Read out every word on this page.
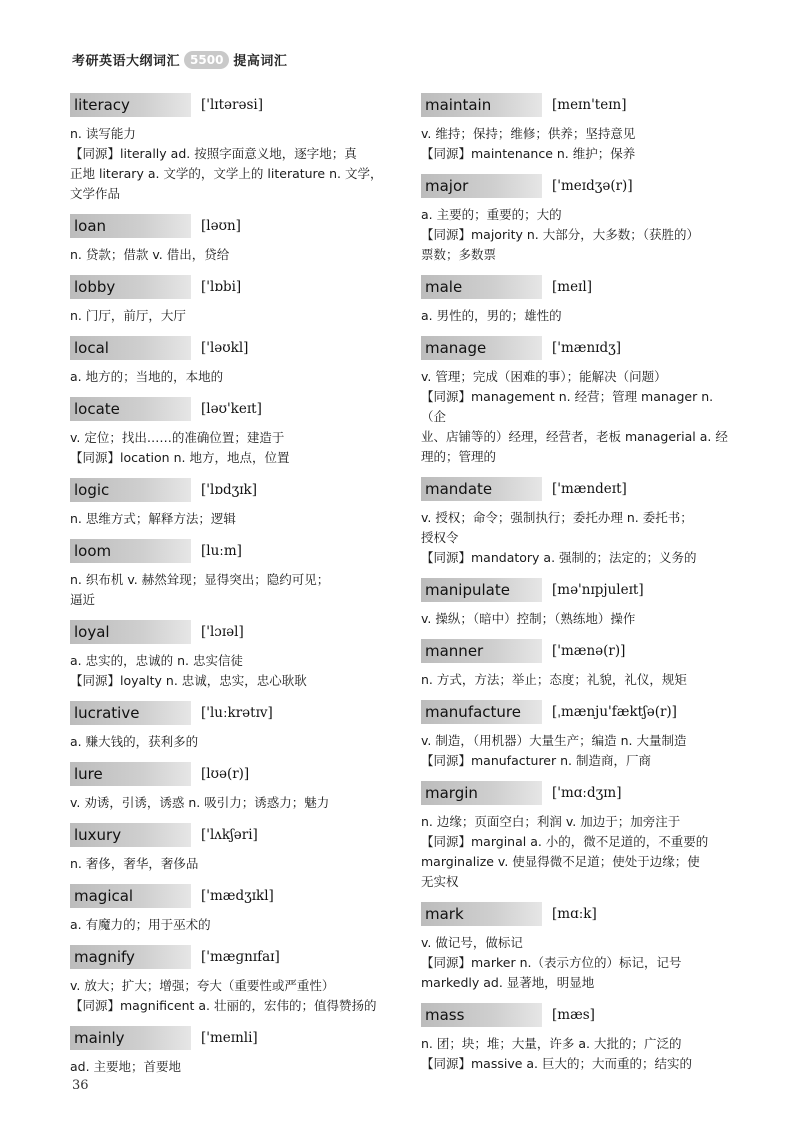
考研英语大纲词汇 5500 提高词汇
literacy	['lɪtərəsi]

n. 读写能力

【同源】literally ad. 按照字面意义地，逐字地；真

正地 literary a. 文学的，文学上的 literature n. 文学，

文学作品

loan	[ləʊn]

n. 贷款；借款 v. 借出，贷给

lobby	['lɒbi]

n. 门厅，前厅，大厅

local	['ləʊkl]

a. 地方的；当地的，本地的

locate	[ləʊ'keɪt]

v. 定位；找出……的准确位置；建造于

【同源】location n. 地方，地点，位置

logic	['lɒdʒɪk]

n. 思维方式；解释方法；逻辑

loom	[luːm]

n. 织布机 v. 赫然耸现；显得突出；隐约可见；

逼近

loyal	['lɔɪəl]

a. 忠实的，忠诚的 n. 忠实信徒

【同源】loyalty n. 忠诚，忠实，忠心耿耿

lucrative	['luːkrətɪv]

a. 赚大钱的，获利多的

lure	[lʊə(r)]

v. 劝诱，引诱，诱惑 n. 吸引力；诱惑力；魅力

luxury	['lʌkʃəri]

n. 奢侈，奢华，奢侈品

magical	['mædʒɪkl]

a. 有魔力的；用于巫术的

magnify	['mæɡnɪfaɪ]

v. 放大；扩大；增强；夸大（重要性或严重性）

【同源】magnificent a. 壮丽的，宏伟的；值得赞扬的

mainly	['meɪnli]

ad. 主要地；首要地

maintain	[meɪn'teɪn]

v. 维持；保持；维修；供养；坚持意见

【同源】maintenance n. 维护；保养

major	['meɪdʒə(r)]

a. 主要的；重要的；大的

【同源】majority n. 大部分，大多数；（获胜的）

票数；多数票

male	[meɪl]

a. 男性的，男的；雄性的

manage	['mænɪdʒ]

v. 管理；完成（困难的事）；能解决（问题）

【同源】management n. 经营；管理 manager n.（企

业、店铺等的）经理，经营者，老板 managerial a. 经

理的；管理的

mandate	['mændeɪt]

v. 授权；命令；强制执行；委托办理 n. 委托书；

授权令

【同源】mandatory a. 强制的；法定的；义务的

manipulate	[mə'nɪpjuleɪt]

v. 操纵；（暗中）控制；（熟练地）操作

manner	['mænə(r)]

n. 方式，方法；举止；态度；礼貌，礼仪，规矩

manufacture	[ˌmænju'fæktʃə(r)]

v. 制造，（用机器）大量生产；编造 n. 大量制造

【同源】manufacturer n. 制造商，厂商

margin	['mɑːdʒɪn]

n. 边缘；页面空白；利润 v. 加边于；加旁注于

【同源】marginal a. 小的，微不足道的，不重要的

marginalize v. 使显得微不足道；使处于边缘；使

无实权

mark	[mɑːk]

v. 做记号，做标记

【同源】marker n.（表示方位的）标记，记号

markedly ad. 显著地，明显地

mass	[mæs]

n. 团；块；堆；大量，许多 a. 大批的；广泛的

【同源】massive a. 巨大的；大而重的；结实的

36
